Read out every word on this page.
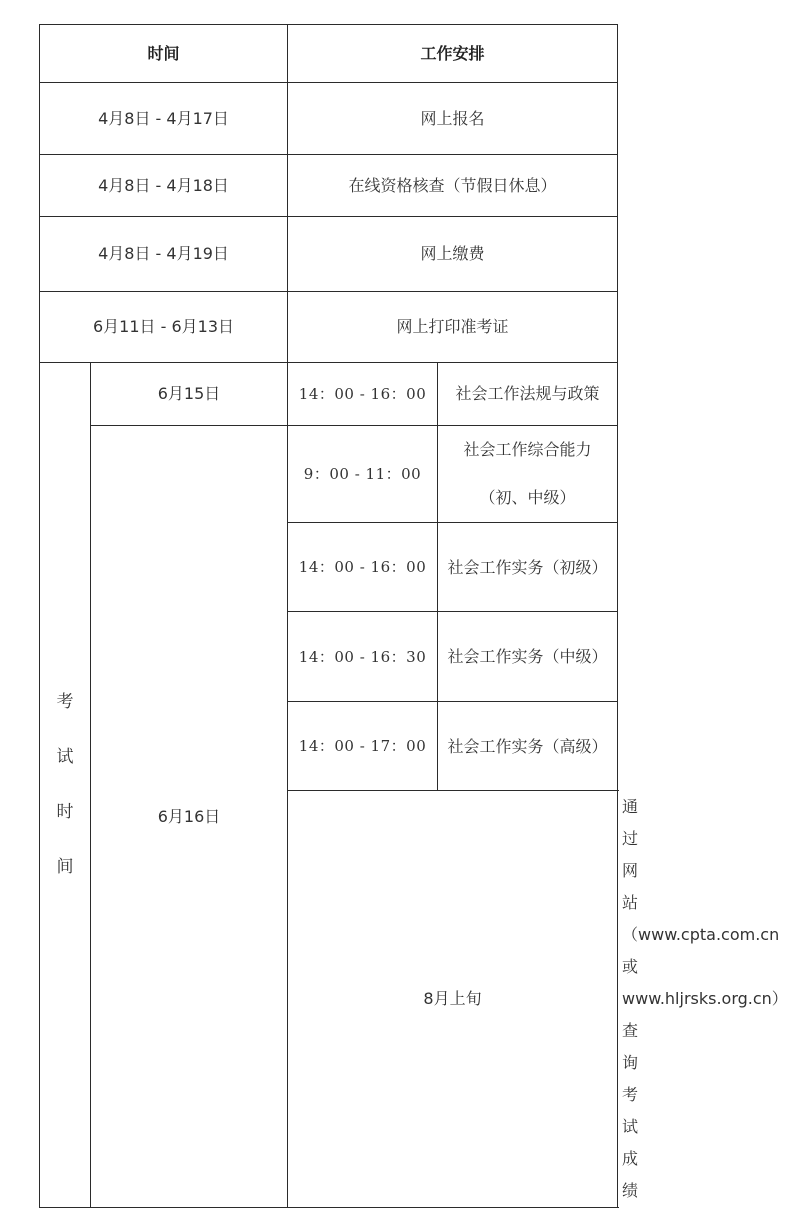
时间		工作安排		
4月8日 - 4月17日		网上报名		
4月8日 - 4月18日		在线资格核查（节假日休息）		
4月8日 - 4月19日		网上缴费		
6月11日 - 6月13日		网上打印准考证		
考试时间	6月15日	14：00 - 16：00	社会工作法规与政策	
	6月16日	9：00 - 11：00	社会工作综合能力
（初、中级）	

		14：00 - 16：00	社会工作实务（初级）	

		14：00 - 16：30	社会工作实务（中级）	

		14：00 - 17：00	社会工作实务（高级）	

		8月上旬		通过网站（www.cpta.com.cn或www.hljrsks.org.cn）查询考试成绩
